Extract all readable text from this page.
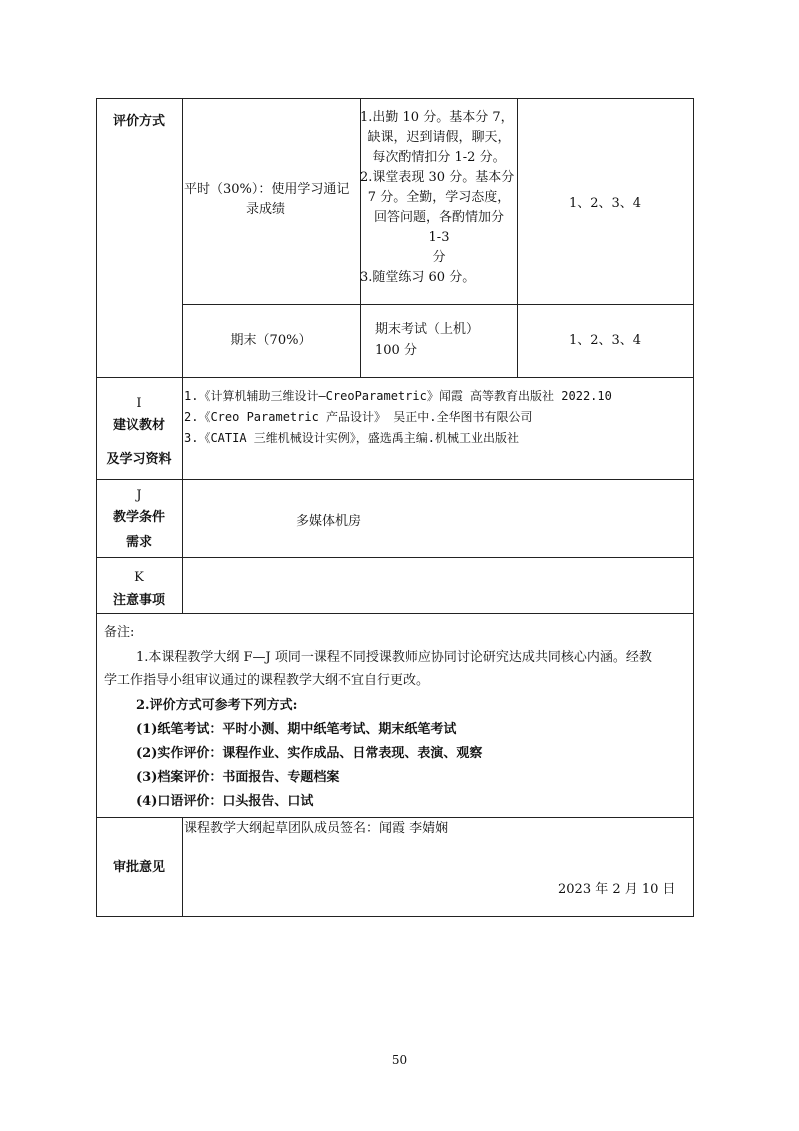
评价方式
平时（30%）：使用学习通记
录成绩
1.出勤 10 分。基本分 7，
缺课，迟到请假，聊天，
每次酌情扣分 1-2 分。
2.课堂表现 30 分。基本分
7 分。全勤，学习态度，
回答问题，各酌情加分
1-3
分
3.随堂练习 60 分。
1、2、3、4
期末（70%）
期末考试（上机）
100 分
1、2、3、4
I
建议教材
及学习资料
1.《计算机辅助三维设计—CreoParametric》闻霞 高等教育出版社 2022.10
2.《Creo Parametric 产品设计》 吴正中.全华图书有限公司
3.《CATIA 三维机械设计实例》，盛选禹主编.机械工业出版社
J
教学条件
需求
多媒体机房
K
注意事项
备注:
1.本课程教学大纲 F—J 项同一课程不同授课教师应协同讨论研究达成共同核心内涵。经教
学工作指导小组审议通过的课程教学大纲不宜自行更改。
2.评价方式可参考下列方式:
(1)纸笔考试：平时小测、期中纸笔考试、期末纸笔考试
(2)实作评价：课程作业、实作成品、日常表现、表演、观察
(3)档案评价：书面报告、专题档案
(4)口语评价：口头报告、口试
审批意见
课程教学大纲起草团队成员签名：闻霞 李婧娴
2023 年 2 月 10 日
50
